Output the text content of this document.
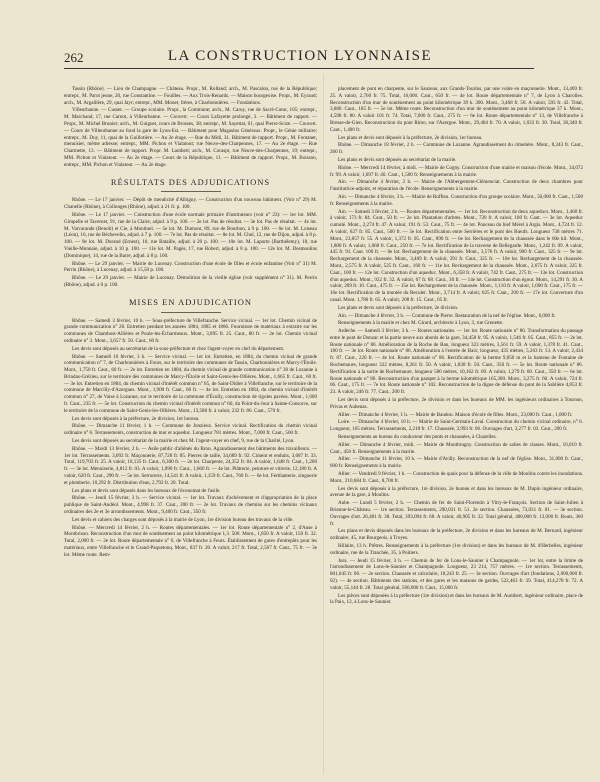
262	LA CONSTRUCTION LYONNAISE

Tassin (Rhône). — Lieu de Champagne. — Château. Propr., M. Rolland; arch., M. Pascalon, rue de la République; entrepr., M. Parot jeune, 20, rue Constantine. — Fouilles. — Aux Trois-Renards. — Maison bourgeoise. Propr., M. Eyraud; arch., M. Argaillère, 29, quai Jayr; entrepr., MM. Monet, frères, à Charbonnières. — Fondations.

Villeurbanne. — Cusset. — Groupe scolaire. Propr., la Commune; arch., M. Caruy, rue de Sacré-Cœur, 105; entrepr., M. Marchand, 17, rue Carnot, à Villeurbanne. — Couvert. — Cours Lafayette prolongé, 3. — Bâtiment de rapport. — Propr., M. Michel Brunier; arch., M. Guiguet, cours de Brosses, 38; entrepr., M. Sayettat, 61, quai Pierre-Scize. — Couvert. — Cours de Villeurbanne au fond la gare de Lyon-Est. — Bâtiment pour Magasins Généraux. Propr., le Génie militaire; entrepr., M. Duy, 11, quai de la Guillotière. — Au 2e étage. — Rue du Midi, 31. Bâtiment de rapport. Propr., M. Fontanet, menuisier, même adresse; entrepr., MM. Pichon et Vialatout; rue Neuve-des-Charpennes, 17. — Au 2e étage. — Rue Charmette, 13. — Bâtiment de rapport. Propr. M. Lambert; arch., M. Coraspt, rue Neuve-des-Charpennes, 19; entrepr., MM. Pichon et Vialatout. — Au 2e étage. — Cours de la République, 11. — Bâtiment de rapport. Propr., M. Boisson, entrepr., MM. Pichon et Vialatout. — Au 2e étage.

RÉSULTATS DES ADJUDICATIONS

Rhône. — Le 17 janvier. — Dépôt de mendicité d'Albigny. — Construction d'un nouveau bâtiment. (Voir n° 29) M. Chanelle (Rhône), à Collonges (Rhône), adjud. à 21 fr. p. 100.

Rhône. — Le 17 janvier. — Construction d'une école normale primaire d'instituteurs (voir n° 23): — 1er lot. MM. Gimpelle et Tavernet, 91, rue de la Claire, adjud. à 9 p. 100. — 2e lot. Pas de résultat. — 3e lot. Pas de résultat. — 4e lot. M. Varvarande (Benoît) et Cie, à Montluel. — 5e lot. M. Dumont, 89, rue de Bourbon, à 9 p. 100. — 6e lot. M. Loiseau (Léon), 16, rue de Béchevelin, adjud. à 7 p. 100. — 7e lot. Pas de résultat. — 8e lot. M. Chol, 12, rue de Dijon, adjud. à 8 p. 100. — 9e lot. M. Durand (Ernest), 10, rue Bataille, adjud. à 20 p. 100. — 10e lot. M. Laporte (Barthélemy), 18, rue Vieille-Monnaie, adjud. à 10 p. 100. — 11e lot. M. Pagès, 17, rue Robert, adjud. à 8 p. 100. — 12e lot. M. Desmoulins (Dominique), 14, rue de la Barre, adjud. à 8 p. 100.

Rhône. — Le 29 janvier. — Mairie de Lucenay. Construction d'une école de filles et école enfantine (Voir n° 31) M. Perrin (Rhône), à Lucenay, adjud. à 15,50 p. 100.

Rhône. — Le 29 janvier. — Mairie de Lucenay. Démolition de la vieille église (voir supplément n° 31). M. Perrin (Rhône), adjud. à 0 p. 100.

MISES EN ADJUDICATION

Rhône. — Samedi 3 février, 10 h. — Sous-préfecture de Villefranche. Service vicinal. — 1er lot. Chemin vicinal de grande communication n° 28. Entretien pendant les années 1884, 1885 et 1886. Fourniture de matériaux à extraire sur les communes de Chambost-Allières et Poule-les-Écharmeaux. Mont., 3,895 fr. 25. Caut., 80 fr. — 2e lot. Chemin vicinal ordinaire n° 3. Mont., 3,657 fr. 50. Caut., 60 fr.

Les devis sont déposés au secrétariat de la sous-préfecture et chez l'agent-voyer en chef du département.

Rhône. — Samedi 10 février, 3 h. — Service vicinal. — 1er lot. Entretien, en 1884, du chemin vicinal de grande communication n° 7, de Charbonnières à Fours, sur le territoire des communes de Tassin, Charbonnières et Marcy-l'Étoile. Mont., 1,750 fr. Caut., 60 fr. — 2e lot. Entretien en 1884, du chemin vicinal de grande communication n° 30 de Lozanne à Brindas-Grézieu, sur le territoire des communes de Marcy-l'Étoile et Saint-Genis-les-Ollières. Mont., 1,665 fr. Caut., 60 fr. — 3e lot. Entretien en 1884, du chemin vicinal d'intérêt commun n° 85, de Saint-Didier à Villefranche, sur le territoire de la commune de Marcilly-d'Azergues. Mont., 1,900 fr. Caut., 60 fr. — 4e lot. Entretien en 1884, du chemin vicinal d'intérêt commun n° 27, de Vaise à Lozanne, sur le territoire de la commune d'Écully, construction de rigoles pavées. Mont., 1,600 fr. Caut., 235 fr. — 5e lot. Construction du chemin vicinal d'intérêt commun n° 60, du Point-du-Jour à Sainte-Consorce, sur le territoire de la commune de Saint-Genis-les-Ollières. Mont., 13,580 fr. à valoir, 232 fr. 86. Caut., 570 fr.

Les devis sont déposés à la préfecture, 2e division, 1er bureau.

Rhône. — Dimanche 11 février, 1 h. — Commune de Jonzieux. Service vicinal. Rectification du chemin vicinal ordinaire n° 6. Terrassements, construction de mur et aqueduc. Longueur 781 mètres. Mont., 7,000 fr. Caut., 500 fr.

Les devis sont déposés au secrétariat de la mairie et chez M. l'agent-voyer en chef, 9, rue de la Charité, Lyon.

Rhône. — Mardi 13 février, 2 h. — Asile public d'aliénés du Bron. Agrandissement des bâtiments des travailleurs. — 1er lot. Terrassements. 3,092 fr. Maçonnerie, 87,728 fr. 85. Pierres de taille, 34,689 fr. 92. Ciment et enduits, 3,687 fr. 33. Total, 119,703 fr. 25. A valoir, 10,135 fr. Caut., 6,300 fr. — 2e lot. Charpente, 24,352 fr. 84. A valoir, 1,648 fr. Caut., 1,200 fr. — 3e lot. Menuiserie, 4,812 fr. 03. A valoir, 1,090 fr. Caut., 1,660 fr. — 4e lot. Plâtrerie, peinture et vitrerie, 12,180 fr. A valoir, 620 fr. Caut., 290 fr. — 5e lot. Serrurerie, 14,541 fr. A valoir, 1,159 fr. Caut., 760 fr. — 6e lot. Ferblanterie, zinguerie et plomberie, 10,292 fr. Distribution d'eau, 2,792 fr. 20. Total.

Les plans et devis sont déposés dans les bureaux de l'économat de l'asile.

Rhône. — Jeudi 15 février, 3 h. — Service vicinal. — 1er lot. Travaux d'achèvement et d'appropriation de la place publique de Saint-Andéol. Mont., 4,998 fr. 37. Caut., 200 fr. — 2e lot. Travaux de chemins sur les chemins vicinaux ordinaires des 2e et 3e arrondissements. Mont., 9,400 fr. Caut., 350 fr.

Les devis et cahiers des charges sont déposés à la mairie de Lyon, 1re division bureau des travaux de la ville.

Rhône. — Mercredi 14 février, 2 h. — Routes départementales. — 1er lot. Route départementale n° 2, d'Anse à Montbrison. Reconstruction d'un mur de soutènement au point kilométrique 1,3. 500. Mont., 1,850 fr. A valoir, 150 fr. 32. Total, 2,000 fr. — 2e lot. Route départementale n° 6, de Villefranche à Feurs. Établissement de gares d'entrepôts pour les matériaux, entre Villefranche et le Grand-Paquetonq. Mont., 837 fr. 20. A valoir, 217 fr. Total, 2,567 fr. Caut., 75 fr. — 3e lot. Même route. Rem-

placement de pont en charpente, sur le Sauzeau, aux Grands-Tourins, par une voûte en maçonnerie. Mont., 13,469 fr. 25. A valoir, 2,760 fr. 75. Total, 16,000. Caut., 650 fr. — 4e lot. Route départementale n° 7, de Lyon à Charolles. Reconstruction d'un mur de soutènement au point kilométrique 39 k. 300. Mont., 3,468 fr. 58. A valoir, 593 fr. 42. Total, 3,880. Caut., 185 fr. — 5e lot. Même route. Reconstruction d'un mur de soutènement au point kilométrique 37 k. Mont., 4,598 fr. 80. A valoir 101 fr. 74. Total, 7,000 fr. Caut., 275 fr. — 6e lot. Route départementale n° 13, de Villefranche à Bresse-de-Gien. Reconstruction du pont Rimo, sur l'Azergue. Mont., 29,404 fr. 70. A valoir, 1,033 fr. 30. Total, 30,340 fr. Caut., 1,400 fr.

Les plans et devis sont déposés à la préfecture, 2e division, 1er bureau.

Rhône. — Dimanche 18 février, 2 h. — Commune de Lozanne. Agrandissement du cimetière. Mont., 8,343 fr. Caut., 260 fr.

Les plans et devis sont déposés au secrétariat de la mairie.

Rhône. — Mercredi 14 février, à midi. — Mairie de Cogny. Construction d'une mairie et maison d'école. Mont., 34,072 fr. 99. A valoir, 1,697 fr. 40. Caut., 1,500 fr. Renseignements à la mairie.

Ain. — Dimanche 4 février, 2 h. — Mairie de l'Abbergement-Clémenciat. Construction de deux chambres pour l'institutrice-adjoint, et réparation de l'école. Renseignements à la mairie.

Ain. — Dimanche 4 février, 3 h. — Mairie de Ruffieu. Construction d'un groupe scolaire. Mont., 50,000 fr. Caut., 1,500 fr. Renseignements à la mairie.

Ain. — Samedi 3 février, 2 h. — Routes départementales. — 1er lot. Reconstruction de deux aqueducs. Mont., 1,460 fr. à valoir, 173 fr. 84. Caut., 50 fr. — 2e lot. Plantation d'arbres. Mont., 720 fr. A valoir, 100 fr. Caut. — 3e lot. Aqueduc cumulé. Mont., 2,274 fr. 47. A valoir, 191 fr. 53. Caut., 75 fr. — 4e lot. Ponceau du bief Mérel à Argis. Mont., 4,724 fr. 12. A valoir, 627 fr. 85. Caut., 500 fr. — 5e lot. Rectification entre Serrières et le pont des Bœufs. Longueur 738 mètres 71. Mont., 23,857 fr. 55. A valoir, 1,372 fr. 05. Caut., 890 fr. — 6e lot. Rechargement de la chaussée dans le 60e kil. Mont., 1,800 fr. A valoir, 1,068 fr. Caut., 250 fr. — 7e lot. Rectification de la traverse de Bellegarde. Mont., 1,242 fr. 09. A valoir, 445 fr. 91. Caut. 100 fr. — 8e lot. Rechargement de la chaussée. Mont., 3,576 fr. A valoir, 900 fr. Caut., 325 fr. — 9e lot. Rechargement de la chaussée. Mont., 3,409 fr. A valoir, 391 fr. Caut., 325 fr. — 10e lot. Rechargement de la chaussée. Mont., 2,575 fr. A valoir, 525 fr. Caut., 160 fr. — 11e lot. Rechargement de la chaussée. Mont., 2,675 fr. A valoir, 225 fr. Caut., 100 fr. — 12e lot. Construction d'un aqueduc. Mont., 6,358 fr. A valoir, 742 fr. Caut., 275 fr. — 13e lot. Construction d'un aqueduc. Mont., 922 fr. 32. A valoir, 67 fr. 68. Caut., 30 fr. — 14e lot. Construction d'un égout. Mont., 14,291 fr. 30. A valoir, 209 fr. 10. Caut., 475 fr. — 15e lot. Rechargement de la chaussée. Mont., 1,110 fr. A valoir, 1,000 fr. Caut., 175 fr. — 16e lot. Rectification de la montée du Reculet. Mont., 3,714 fr. A valoir, 625 fr. Caut., 200 fr. — 17e lot. Couverture d'un canal. Mont. 1,780 fr. 65. A valoir, 208 fr. 15. Caut., 65 fr.

Les plans et devis sont déposés à la préfecture, 2e division.

Ain. — Dimanche 4 février, 3 h. — Commune de Pierre. Restauration de la nef de l'église. Mont., 6,000 fr.

Renseignements à la mairie et chez M. Girard, architecte à Lyon, 3, rue Grenette.

Ardèche. — Samedi 3 février, 3 h. — Routes nationales. — 1er lot. Route nationale n° 86. Transformation du passage entre le pont de Donzac et la partie neuve aux abords de la gare, 34,458 fr. 95. A valoir, 1,546 fr. 05. Caut., 855 fr. — 2e lot. Route nationale n° 86. Amélioration de la Roche de Ban, longueur 323 mètres, 3,561 fr. 59. A valoir, 1,378 fr. 41. Caut., 180 fr. — 3e lot. Route nationale n° 86. Amélioration à l'entrée de Baix; longueur, 435 mètres, 5,263 fr. 13. A valoir, 2,434 fr. 87. Caut., 220 fr. — 4e lot. Route nationale n° 86. Rectification de la berme 9,050 m et la hameau de Fontaine de Rochemaure, longueur 322 mètres, 8,261 fr. 50. A valoir, 1,838 fr. 50. Caut., 350 fr. — 5e lot. Route nationale n° 86. Rectification à la sortie de Rochemaure, longueur 580 mètres, 10,162 fr. 69. A valoir, 1,279 fr. 60. Caut., 350 fr. — 6e lot. Route nationale n° 86. Reconstruction d'un parapet à la berme kilométrique 165,300. Mont., 3,275 fr. 60. A valoir, 724 fr. 06. Caut., 175 fr. — 7e lot. Route nationale n° 102. Reconstruction de la digue de défense du pont de la Sablière 4,853 fr. 23. A valoir, 246 fr. 77. Caut., 200 fr.

Les devis sont déposés à la préfecture, 2e division et dans les bureaux de MM. les ingénieurs ordinaires à Tournon, Privas et Aubenas.

Allier. — Dimanche 4 février, 1 h. — Mairie de Baudon. Maison d'école de filles. Mont., 23,000 fr. Caut., 1,000 fr.

Loire. — Dimanche 4 février, 10 h. — Mairie de Saint-Germain-Laval. Construction du chemin vicinal ordinaire, n° 6. Longueur, 165 mètres. Terrassements, 2,218 fr. 17. Chaussée, 3,993 fr. 06. Ouvrages d'art, 3,277 fr. 03. Caut., 200 fr.

Renseignements au bureau du conducteur des ponts et chaussées, à Chazelles.

Allier. — Dimanche 4 février, midi. — Mairie de Montbrugny. Construction de salles de classes. Mont., 10,010 fr. Caut., 450 fr. Renseignements à la mairie.

Allier. — Dimanche 11 février, 10 h. — Mairie d'Avilly. Reconstruction de la nef de l'église. Mont., 31,000 fr. Caut., 600 fr. Renseignements à la mairie.

Allier. — Vendredi 9 février, 1 h. — Construction de quais pour la défense de la ville de Moulins contre les inondations. Mont., 210,684 fr. Caut., 8,700 fr.

Les devis sont déposés à la préfecture, 1re division, 2e bureau et dans les bureaux de M. Dupin ingénieur ordinaire, avenue de la gare, à Moulins.

Aube. — Lundi 5 février, 2 h. — Chemin de fer de Saint-Florentin à Vitry-le-François. Section de Saint-Julien à Brienne-le-Château. — 1re section. Terrassements, 290,031 fr. 51. 2e section. Chaussées, 73,031 fr. 01. — 3e section. Ouvrages d'art. 26,481 fr. 38. Total, 393,094 fr. 68. A valoir, 46,905 fr. 32. Total général, 400,000 fr. 13,000 fr. Bouts, 360 fr.

Les plans et devis déposés dans les bureaux de la préfecture, 2e division et dans les bureaux de M. Bernard, ingénieur ordinaire, 45, rue Bourgeois, à Troyes.

Hillaire, 13 h. Prêtres. Renseignements à la préfecture (1re division) et dans les bureaux de M. d'Herbelles, ingénieur ordinaire, rue de la Tranchée, 35, à Poitiers.

Jura. — Jeudi 15 février, 3 h. — Chemin de fer de Lons-le-Saunier à Champagnole. — 1er lot, entre la limite de l'arrondissement de Lons-le-Saunier et Champagnole. Longueur, 23 214, 757 mètres. — 1re section. Terrassements, 801,045 fr. 06. — 2e section. Chaussée et calculaire, 18,243 fr. 25. — 3e section. Ouvrages d'art (fondations, 2,000,000 fr. 02). — 4e section. Bâtiments des stations, et des gares et les maisons de gardes, 522,463 fr. 39. Total, 414,278 fr. 72. A valoir, 55,144 fr. 28. Total général, 560,000 fr. Caut., 15,000 fr.

Les pièces sont déposées à la préfecture (1re division) et dans les bureaux de M. Aumbert, ingénieur ordinaire, place de la Paix, 12, à Lons-le-Saunier.
